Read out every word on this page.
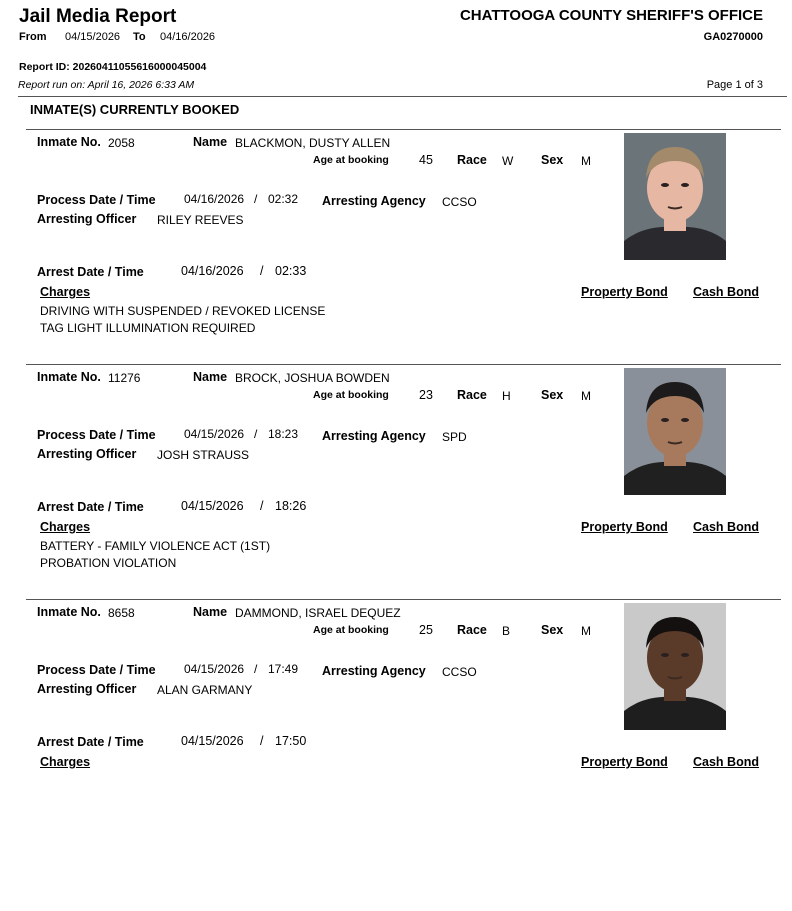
Jail Media Report	CHATTOOGA COUNTY SHERIFF'S OFFICE
From 04/15/2026 To 04/16/2026	GA0270000
Report ID: 20260411055616000045004
Report run on: April 16, 2026 6:33 AM	Page 1 of 3
INMATE(S) CURRENTLY BOOKED
Inmate No. 2058	Name BLACKMON, DUSTY ALLEN
Age at booking 45 Race W Sex M
Process Date / Time 04/16/2026 / 02:32 Arresting Agency CCSO
Arresting Officer RILEY REEVES
Arrest Date / Time	04/16/2026 / 02:33
Charges	Property Bond Cash Bond
DRIVING WITH SUSPENDED / REVOKED LICENSE
TAG LIGHT ILLUMINATION REQUIRED
Inmate No. 11276	Name BROCK, JOSHUA BOWDEN
Age at booking 23 Race H Sex M
Process Date / Time 04/15/2026 / 18:23 Arresting Agency SPD
Arresting Officer JOSH STRAUSS
Arrest Date / Time	04/15/2026 / 18:26
Charges	Property Bond Cash Bond
BATTERY - FAMILY VIOLENCE ACT (1ST)
PROBATION VIOLATION
Inmate No. 8658	Name DAMMOND, ISRAEL DEQUEZ
Age at booking 25 Race B Sex M
Process Date / Time 04/15/2026 / 17:49 Arresting Agency CCSO
Arresting Officer ALAN GARMANY
Arrest Date / Time	04/15/2026 / 17:50
Charges	Property Bond Cash Bond
